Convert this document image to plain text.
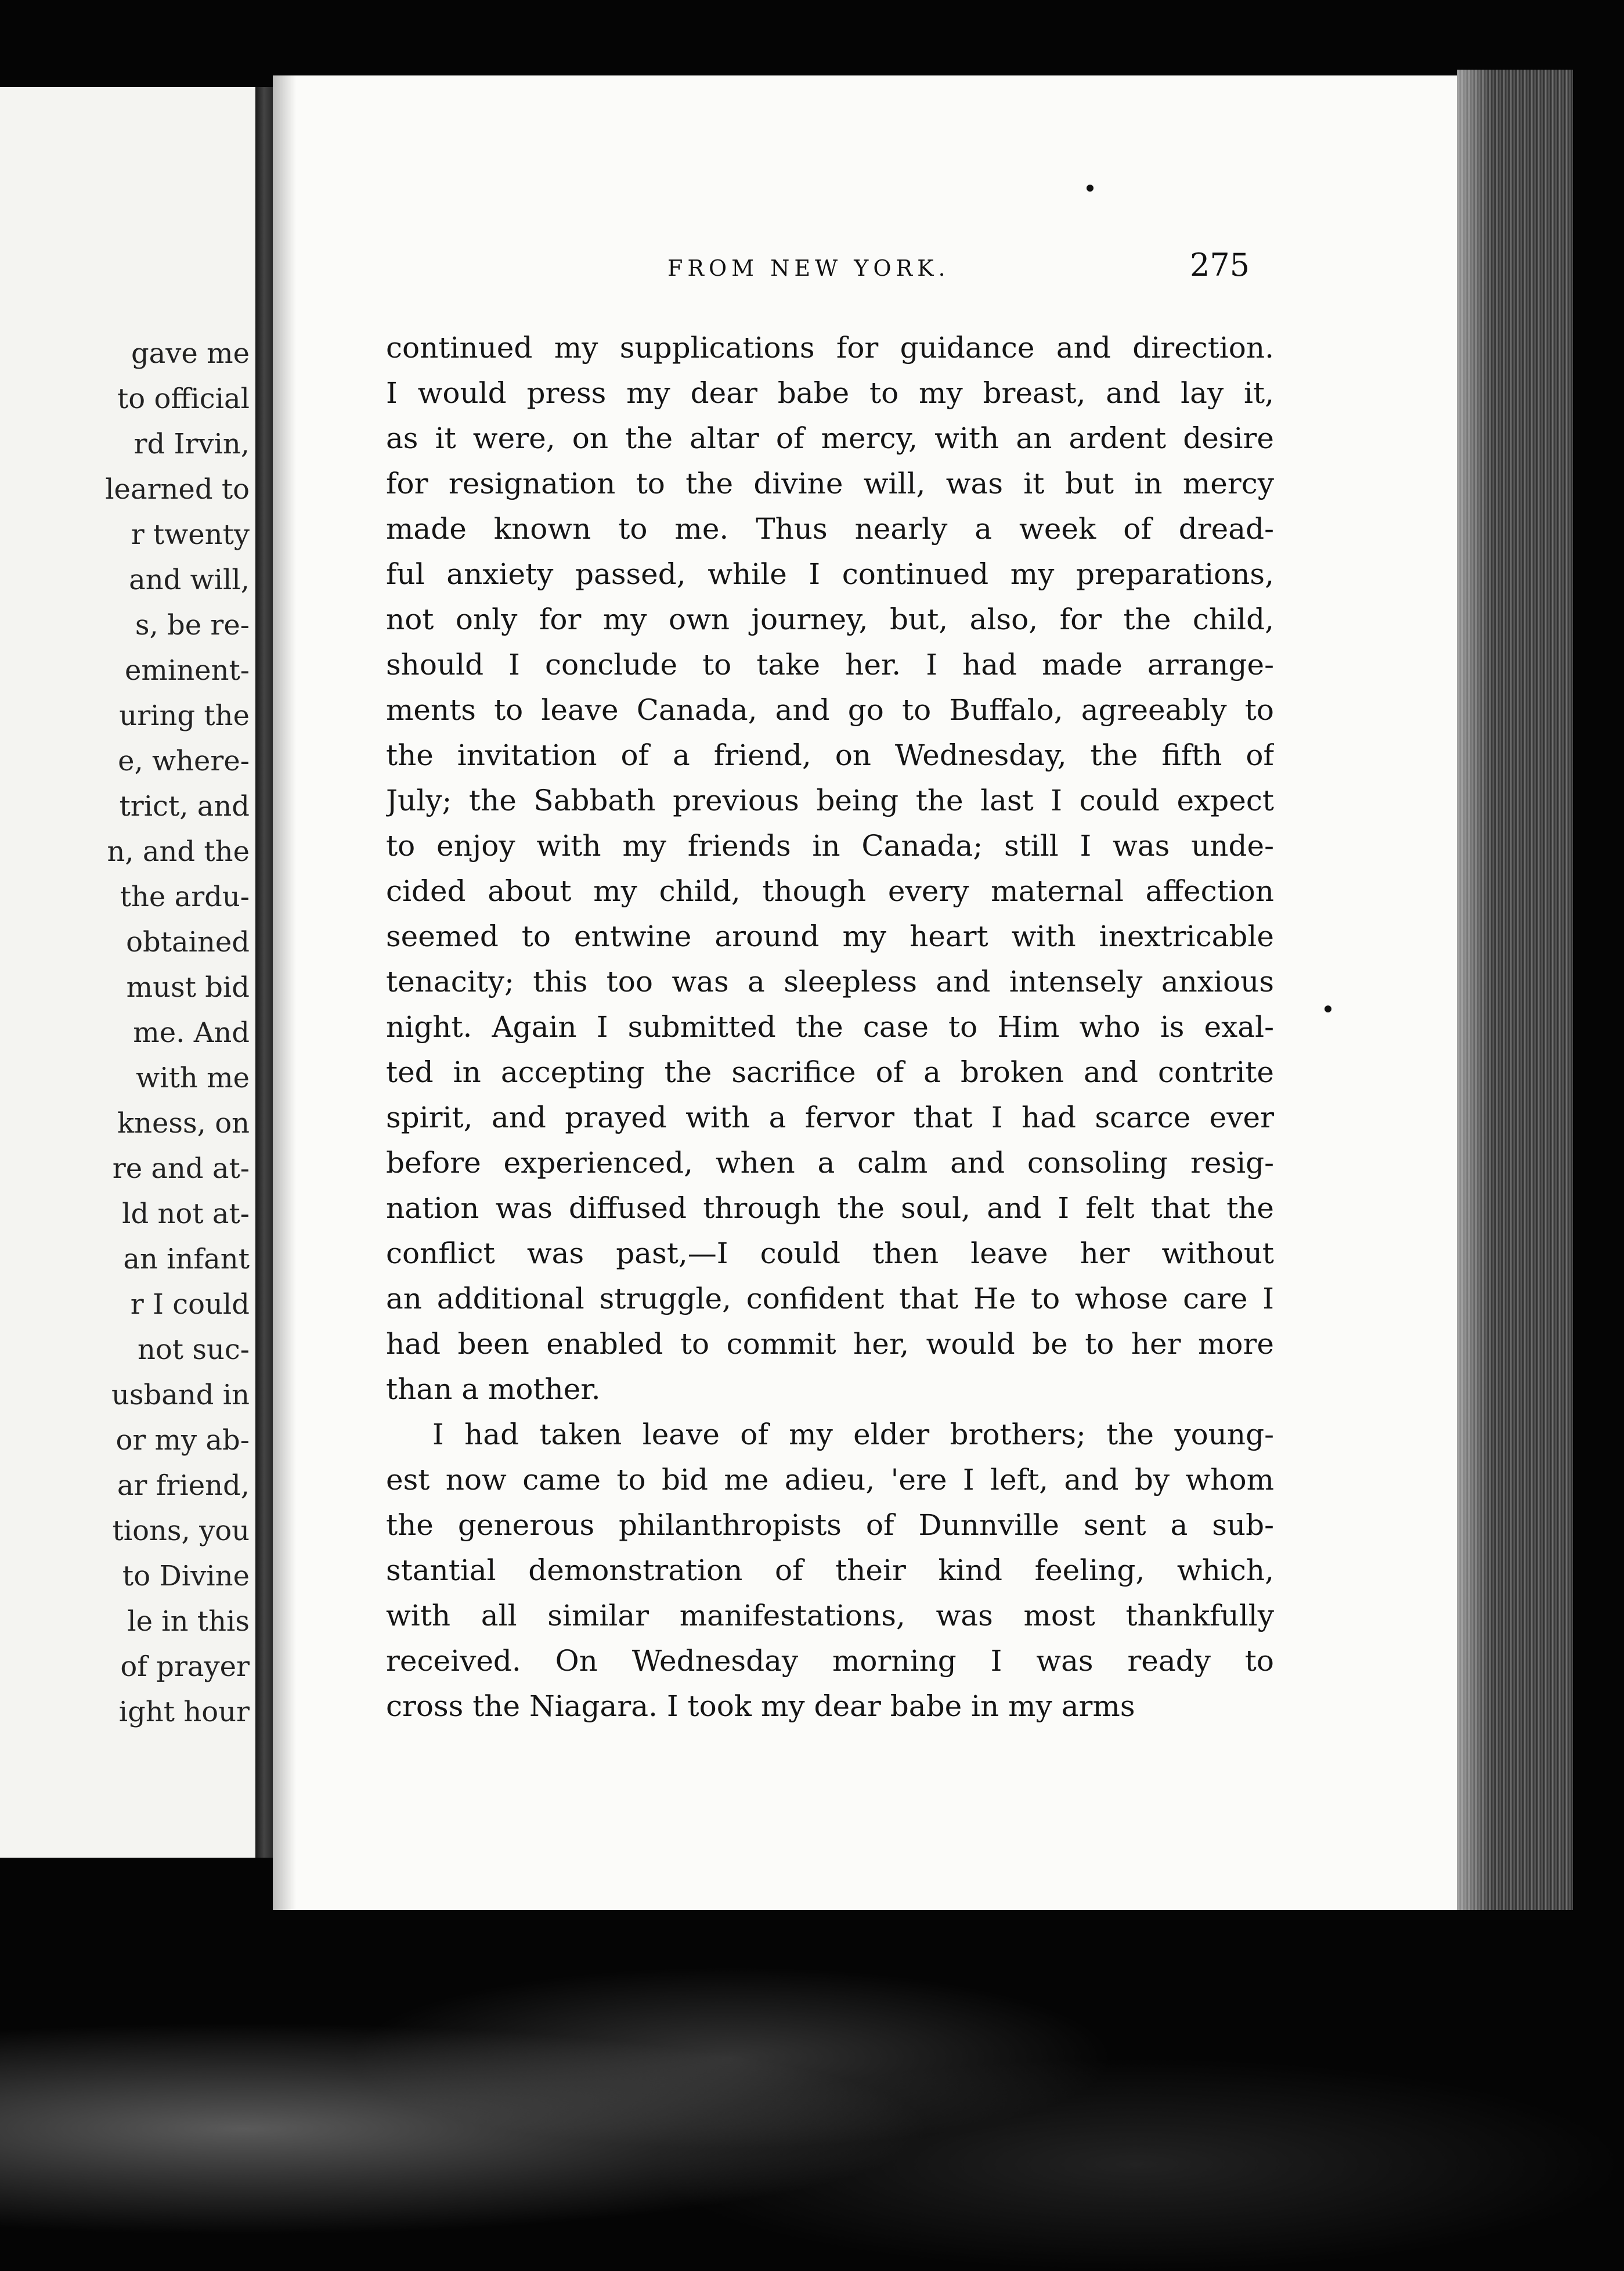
gave me
to official
rd Irvin,
learned to
r twenty
and will,
s, be re-
eminent-
uring the
e, where-
trict, and
n, and the
the ardu-
obtained
must bid
me. And
with me
kness, on
re and at-
ld not at-
an infant
r I could
not suc-
usband in
or my ab-
ar friend,
tions, you
to Divine
le in this
of prayer
ight hour
FROM NEW YORK.	275
continued my supplications for guidance and direction.
I would press my dear babe to my breast, and lay it,
as it were, on the altar of mercy, with an ardent desire
for resignation to the divine will, was it but in mercy
made known to me. Thus nearly a week of dread-
ful anxiety passed, while I continued my preparations,
not only for my own journey, but, also, for the child,
should I conclude to take her. I had made arrange-
ments to leave Canada, and go to Buffalo, agreeably to
the invitation of a friend, on Wednesday, the fifth of
July; the Sabbath previous being the last I could expect
to enjoy with my friends in Canada; still I was unde-
cided about my child, though every maternal affection
seemed to entwine around my heart with inextricable
tenacity; this too was a sleepless and intensely anxious
night. Again I submitted the case to Him who is exal-
ted in accepting the sacrifice of a broken and contrite
spirit, and prayed with a fervor that I had scarce ever
before experienced, when a calm and consoling resig-
nation was diffused through the soul, and I felt that the
conflict was past,—I could then leave her without
an additional struggle, confident that He to whose care I
had been enabled to commit her, would be to her more
than a mother.
I had taken leave of my elder brothers; the young-
est now came to bid me adieu, 'ere I left, and by whom
the generous philanthropists of Dunnville sent a sub-
stantial demonstration of their kind feeling, which,
with all similar manifestations, was most thankfully
received. On Wednesday morning I was ready to
cross the Niagara. I took my dear babe in my arms
